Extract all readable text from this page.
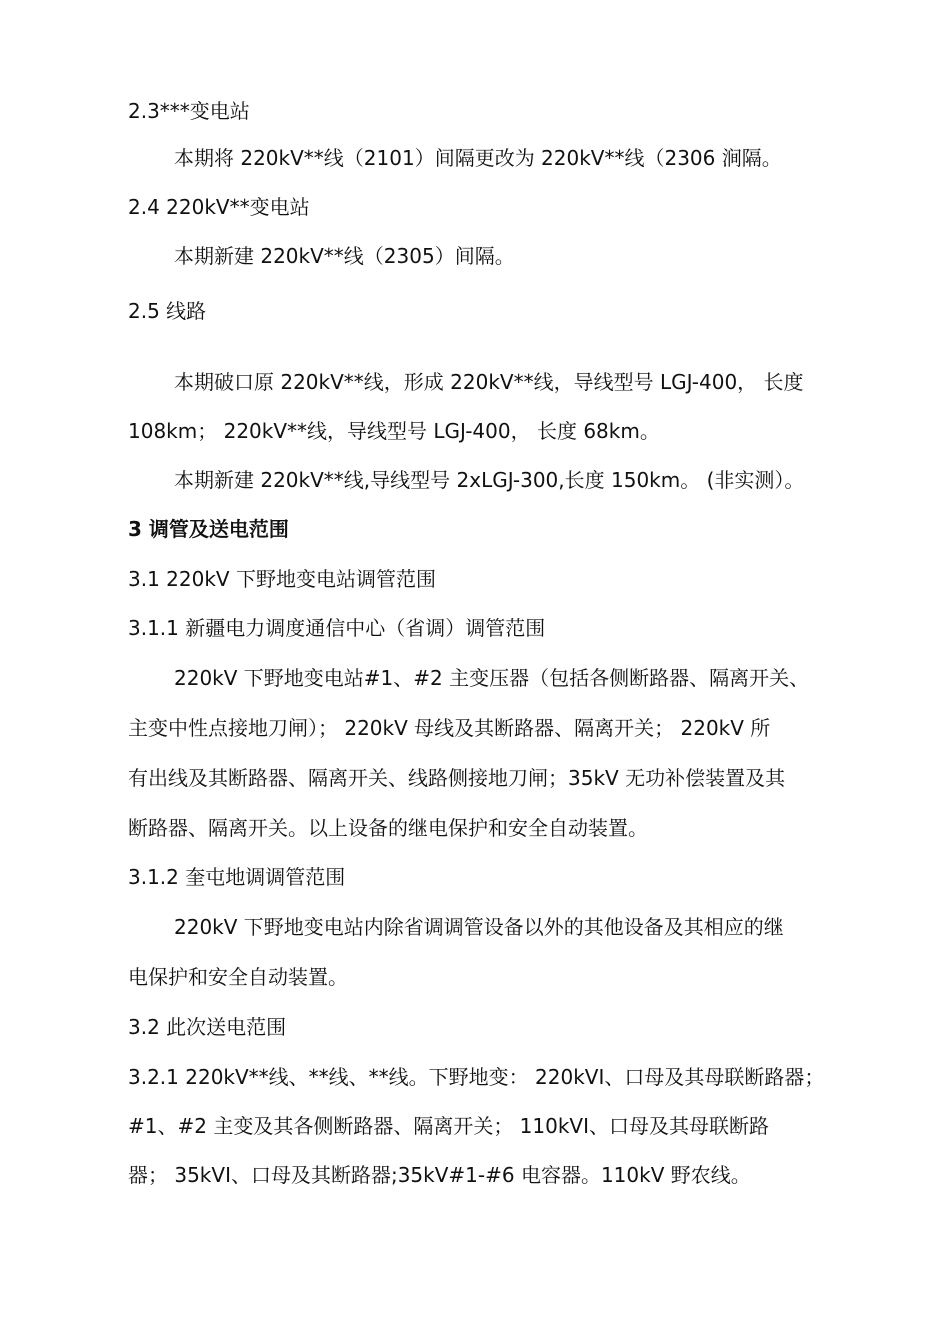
2.3***变电站
本期将 220kV**线（2101）间隔更改为 220kV**线（2306 涧隔。
2.4 220kV**变电站
本期新建 220kV**线（2305）间隔。
2.5 线路
本期破口原 220kV**线，形成 220kV**线，导线型号 LGJ-400， 长度
108km； 220kV**线，导线型号 LGJ-400， 长度 68km。
本期新建 220kV**线,导线型号 2xLGJ-300,长度 150km。 (非实测）。
3 调管及送电范围
3.1 220kV 下野地变电站调管范围
3.1.1 新疆电力调度通信中心（省调）调管范围
220kV 下野地变电站#1、#2 主变压器（包括各侧断路器、隔离开关、
主变中性点接地刀闸）； 220kV 母线及其断路器、隔离开关； 220kV 所
有出线及其断路器、隔离开关、线路侧接地刀闸；35kV 无功补偿装置及其
断路器、隔离开关。以上设备的继电保护和安全自动装置。
3.1.2 奎屯地调调管范围
220kV 下野地变电站内除省调调管设备以外的其他设备及其相应的继
电保护和安全自动装置。
3.2 此次送电范围
3.2.1 220kV**线、**线、**线。下野地变： 220kVI、口母及其母联断路器；
#1、#2 主变及其各侧断路器、隔离开关； 110kVI、口母及其母联断路
器； 35kVI、口母及其断路器;35kV#1-#6 电容器。110kV 野农线。
